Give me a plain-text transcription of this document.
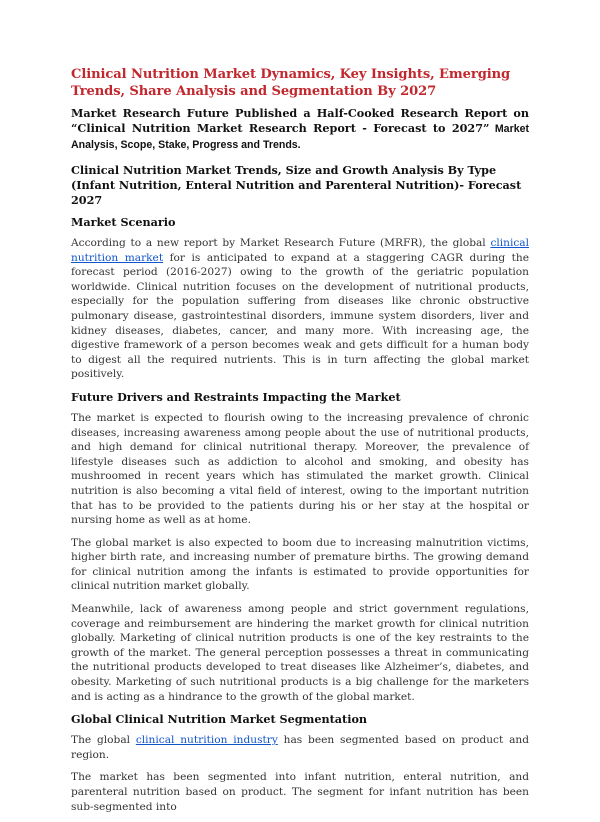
Clinical Nutrition Market Dynamics, Key Insights, Emerging Trends, Share Analysis and Segmentation By 2027
Market Research Future Published a Half-Cooked Research Report on “Clinical Nutrition Market Research Report - Forecast to 2027” Market Analysis, Scope, Stake, Progress and Trends.
Clinical Nutrition Market Trends, Size and Growth Analysis By Type (Infant Nutrition, Enteral Nutrition and Parenteral Nutrition)- Forecast 2027
Market Scenario

According to a new report by Market Research Future (MRFR), the global clinical nutrition market for is anticipated to expand at a staggering CAGR during the forecast period (2016-2027) owing to the growth of the geriatric population worldwide. Clinical nutrition focuses on the development of nutritional products, especially for the population suffering from diseases like chronic obstructive pulmonary disease, gastrointestinal disorders, immune system disorders, liver and kidney diseases, diabetes, cancer, and many more. With increasing age, the digestive framework of a person becomes weak and gets difficult for a human body to digest all the required nutrients. This is in turn affecting the global market positively.

Future Drivers and Restraints Impacting the Market

The market is expected to flourish owing to the increasing prevalence of chronic diseases, increasing awareness among people about the use of nutritional products, and high demand for clinical nutritional therapy. Moreover, the prevalence of lifestyle diseases such as addiction to alcohol and smoking, and obesity has mushroomed in recent years which has stimulated the market growth. Clinical nutrition is also becoming a vital field of interest, owing to the important nutrition that has to be provided to the patients during his or her stay at the hospital or nursing home as well as at home.

The global market is also expected to boom due to increasing malnutrition victims, higher birth rate, and increasing number of premature births. The growing demand for clinical nutrition among the infants is estimated to provide opportunities for clinical nutrition market globally.

Meanwhile, lack of awareness among people and strict government regulations, coverage and reimbursement are hindering the market growth for clinical nutrition globally. Marketing of clinical nutrition products is one of the key restraints to the growth of the market. The general perception possesses a threat in communicating the nutritional products developed to treat diseases like Alzheimer’s, diabetes, and obesity. Marketing of such nutritional products is a big challenge for the marketers and is acting as a hindrance to the growth of the global market.

Global Clinical Nutrition Market Segmentation

The global clinical nutrition industry has been segmented based on product and region.

The market has been segmented into infant nutrition, enteral nutrition, and parenteral nutrition based on product. The segment for infant nutrition has been sub-segmented into
